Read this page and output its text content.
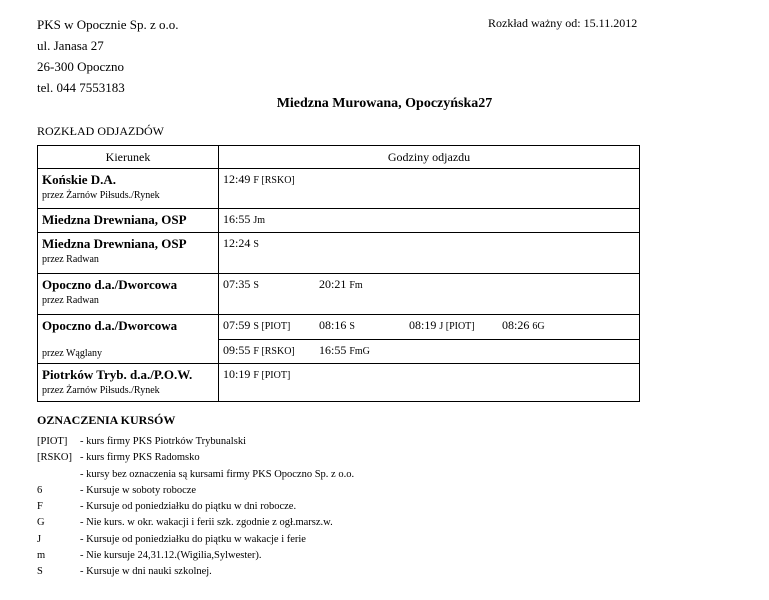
PKS w Opocznie Sp. z o.o.
ul. Janasa 27
26-300 Opoczno
tel. 044 7553183
Rozkład ważny od: 15.11.2012
Miedzna Murowana, Opoczyńska27
ROZKŁAD ODJAZDÓW
Kierunek	Godziny odjazdu

Końskie D.A.
przez Żarnów Piłsuds./Rynek	12:49 F [RSKO]

Miedzna Drewniana, OSP	16:55 Jm

Miedzna Drewniana, OSP
przez Radwan	12:24 S

Opoczno d.a./Dworcowa
przez Radwan	07:35 S 20:21 Fm

Opoczno d.a./Dworcowa
przez Wąglany	07:59 S [PIOT] 08:16 S 08:19 J [PIOT] 08:26 6G

	09:55 F [RSKO] 16:55 FmG

Piotrków Tryb. d.a./P.O.W.
przez Żarnów Piłsuds./Rynek	10:19 F [PIOT]
OZNACZENIA KURSÓW
[PIOT] - kurs firmy PKS Piotrków Trybunalski
[RSKO] - kurs firmy PKS Radomsko
- kursy bez oznaczenia są kursami firmy PKS Opoczno Sp. z o.o.
6	- Kursuje w soboty robocze
F	- Kursuje od poniedziałku do piątku w dni robocze.
G	- Nie kurs. w okr. wakacji i ferii szk. zgodnie z ogł.marsz.w.
J	- Kursuje od poniedziałku do piątku w wakacje i ferie
m	- Nie kursuje 24,31.12.(Wigilia,Sylwester).
S	- Kursuje w dni nauki szkolnej.
